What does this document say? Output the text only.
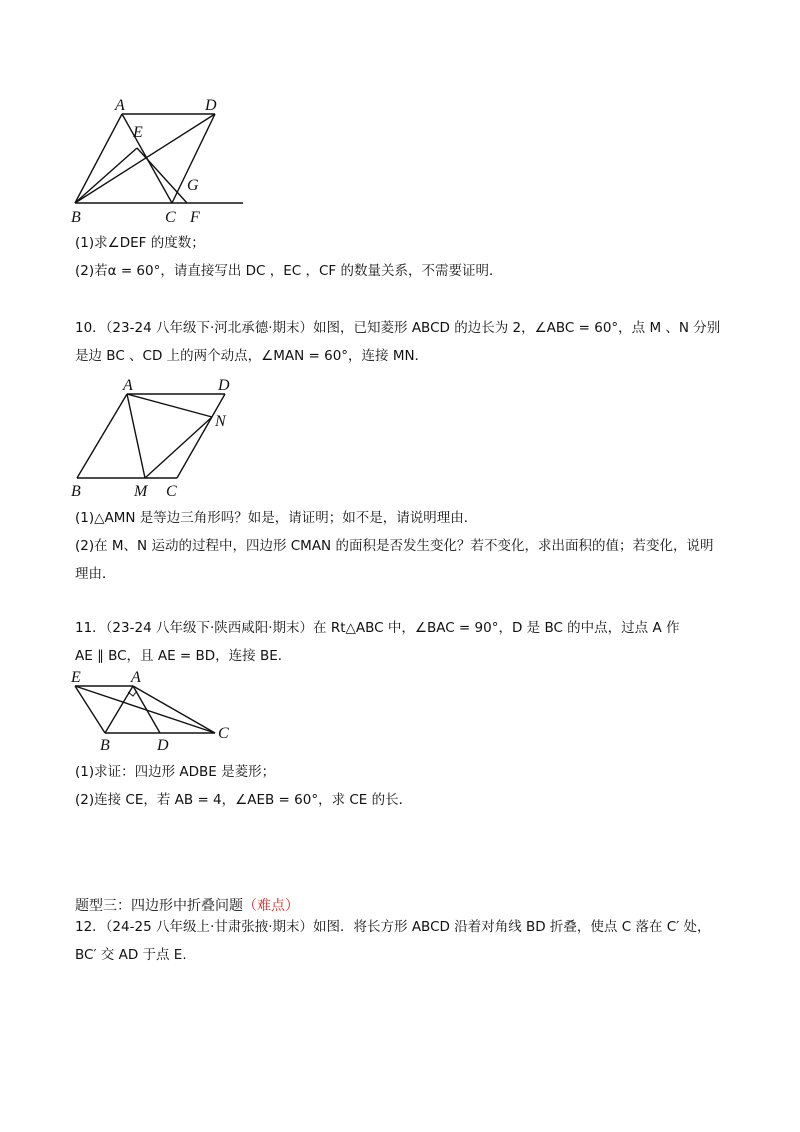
A	D
E
G
B	C F
(1)求∠DEF 的度数；
(2)若α = 60°，请直接写出 DC ，EC ，CF 的数量关系，不需要证明．
10．（23-24 八年级下·河北承德·期末）如图，已知菱形 ABCD 的边长为 2，∠ABC = 60°，点 M 、N 分别
是边 BC 、CD 上的两个动点，∠MAN = 60°，连接 MN．
A	D
N
B	M C
(1)△AMN 是等边三角形吗？如是，请证明；如不是，请说明理由．
(2)在 M、N 运动的过程中，四边形 CMAN 的面积是否发生变化？若不变化，求出面积的值；若变化，说明
理由．
11．（23-24 八年级下·陕西咸阳·期末）在 Rt△ABC 中，∠BAC = 90°，D 是 BC 的中点，过点 A 作
AE ∥ BC，且 AE = BD，连接 BE．
E	A
B	D
C
(1)求证：四边形 ADBE 是菱形；
(2)连接 CE，若 AB = 4，∠AEB = 60°，求 CE 的长．
题型三：四边形中折叠问题（难点）
12．（24-25 八年级上·甘肃张掖·期末）如图．将长方形 ABCD 沿着对角线 BD 折叠，使点 C 落在 C′ 处，
BC′ 交 AD 于点 E.
